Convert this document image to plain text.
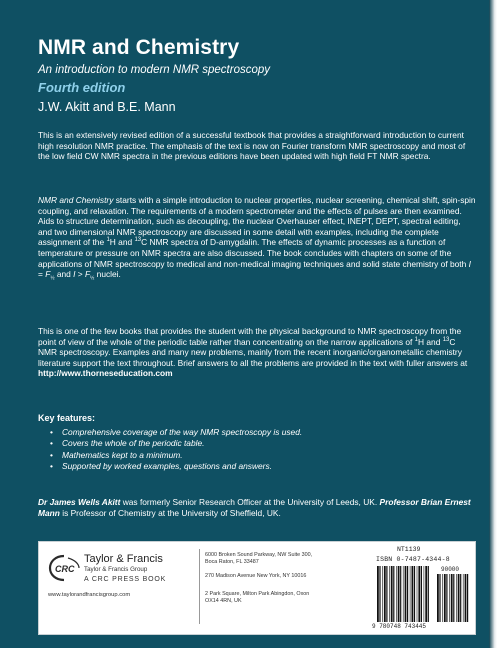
NMR and Chemistry
An introduction to modern NMR spectroscopy
Fourth edition
J.W. Akitt and B.E. Mann

This is an extensively revised edition of a successful textbook that provides a straightforward introduction to current high resolution NMR practice. The emphasis of the text is now on Fourier transform NMR spectroscopy and most of the low field CW NMR spectra in the previous editions have been updated with high field FT NMR spectra.

NMR and Chemistry starts with a simple introduction to nuclear properties, nuclear screening, chemical shift, spin-spin coupling, and relaxation. The requirements of a modern spectrometer and the effects of pulses are then examined. Aids to structure determination, such as decoupling, the nuclear Overhauser effect, INEPT, DEPT, spectral editing, and two dimensional NMR spectroscopy are discussed in some detail with examples, including the complete assignment of the $^1$H and $^{13}$C NMR spectra of D-amygdalin. The effects of dynamic processes as a function of temperature or pressure on NMR spectra are also discussed. The book concludes with chapters on some of the applications of NMR spectroscopy to medical and non-medical imaging techniques and solid state chemistry of both $I = F_{\frac{1}{2}}$ and $I > F_{\frac{1}{2}}$ nuclei.

This is one of the few books that provides the student with the physical background to NMR spectroscopy from the point of view of the whole of the periodic table rather than concentrating on the narrow applications of $^1$H and $^{13}$C NMR spectroscopy. Examples and many new problems, mainly from the recent inorganic/organometallic chemistry literature support the text throughout. Brief answers to all the problems are provided in the text with fuller answers at
http://www.thorneseducation.com

Key features:
•	Comprehensive coverage of the way NMR spectroscopy is used.
•	Covers the whole of the periodic table.
•	Mathematics kept to a minimum.
•	Supported by worked examples, questions and answers.

Dr James Wells Akitt was formerly Senior Research Officer at the University of Leeds, UK. Professor Brian Ernest Mann is Professor of Chemistry at the University of Sheffield, UK.

CRC
Taylor & Francis
Taylor & Francis Group
A CRC PRESS BOOK
www.taylorandfrancisgroup.com
6000 Broken Sound Parkway, NW Suite 300, Boca Raton, FL 33487
270 Madison Avenue New York, NY 10016
2 Park Square, Milton Park Abingdon, Oxon OX14 4RN, UK
NT1139
ISBN 0-7487-4344-8
90000
9 780748 743445
